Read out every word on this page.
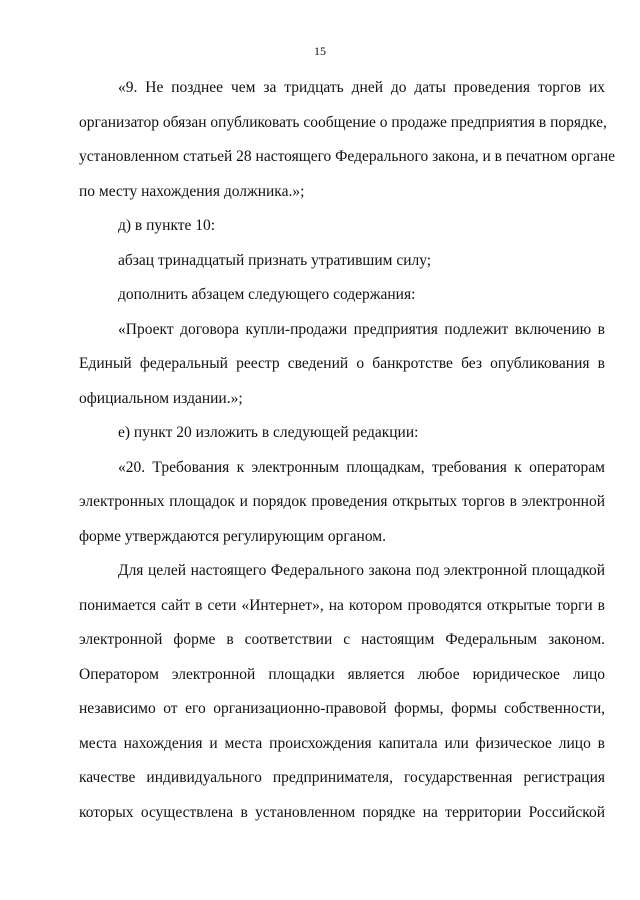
15
«9. Не позднее чем за тридцать дней до даты проведения торгов их
организатор обязан опубликовать сообщение о продаже предприятия в порядке,
установленном статьей 28 настоящего Федерального закона, и в печатном органе
по месту нахождения должника.»;
д) в пункте 10:
абзац тринадцатый признать утратившим силу;
дополнить абзацем следующего содержания:
«Проект договора купли-продажи предприятия подлежит включению в
Единый федеральный реестр сведений о банкротстве без опубликования в
официальном издании.»;
е) пункт 20 изложить в следующей редакции:
«20. Требования к электронным площадкам, требования к операторам
электронных площадок и порядок проведения открытых торгов в электронной
форме утверждаются регулирующим органом.
Для целей настоящего Федерального закона под электронной площадкой
понимается сайт в сети «Интернет», на котором проводятся открытые торги в
электронной форме в соответствии с настоящим Федеральным законом.
Оператором электронной площадки является любое юридическое лицо
независимо от его организационно-правовой формы, формы собственности,
места нахождения и места происхождения капитала или физическое лицо в
качестве индивидуального предпринимателя, государственная регистрация
которых осуществлена в установленном порядке на территории Российской
